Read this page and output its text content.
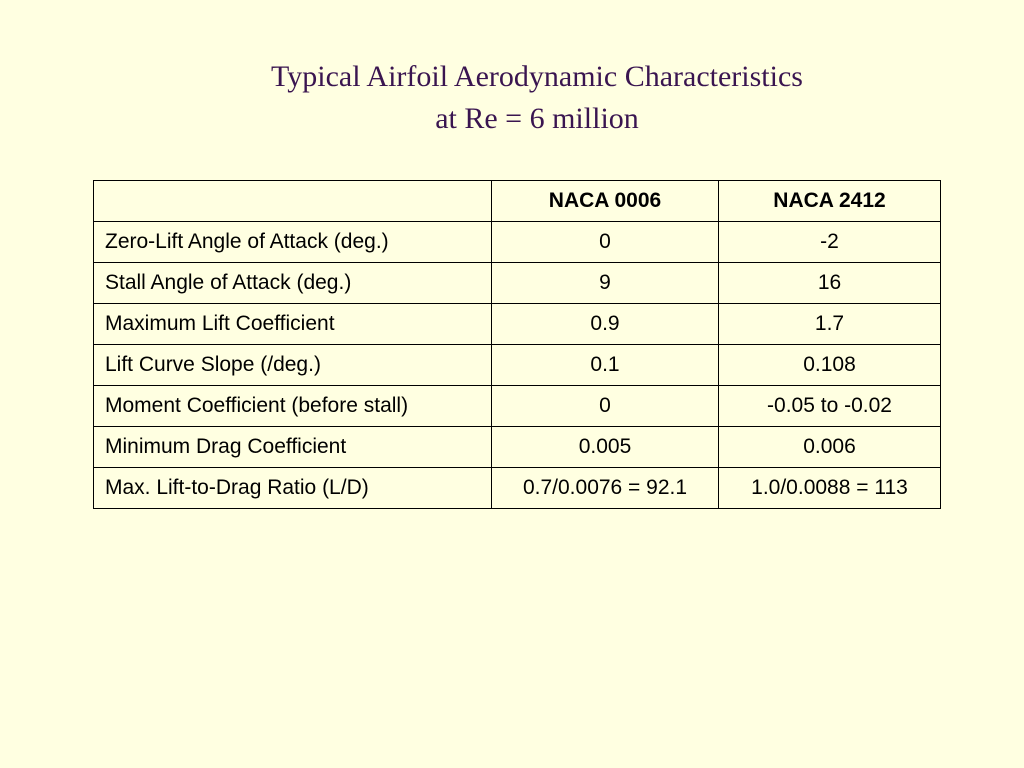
Typical Airfoil Aerodynamic Characteristics
at Re = 6 million
	NACA 0006	NACA 2412
Zero-Lift Angle of Attack (deg.)	0	-2
Stall Angle of Attack (deg.)	9	16
Maximum Lift Coefficient	0.9	1.7
Lift Curve Slope (/deg.)	0.1	0.108
Moment Coefficient (before stall)	0	-0.05 to -0.02
Minimum Drag Coefficient	0.005	0.006
Max. Lift-to-Drag Ratio (L/D)	0.7/0.0076 = 92.1	1.0/0.0088 = 113
